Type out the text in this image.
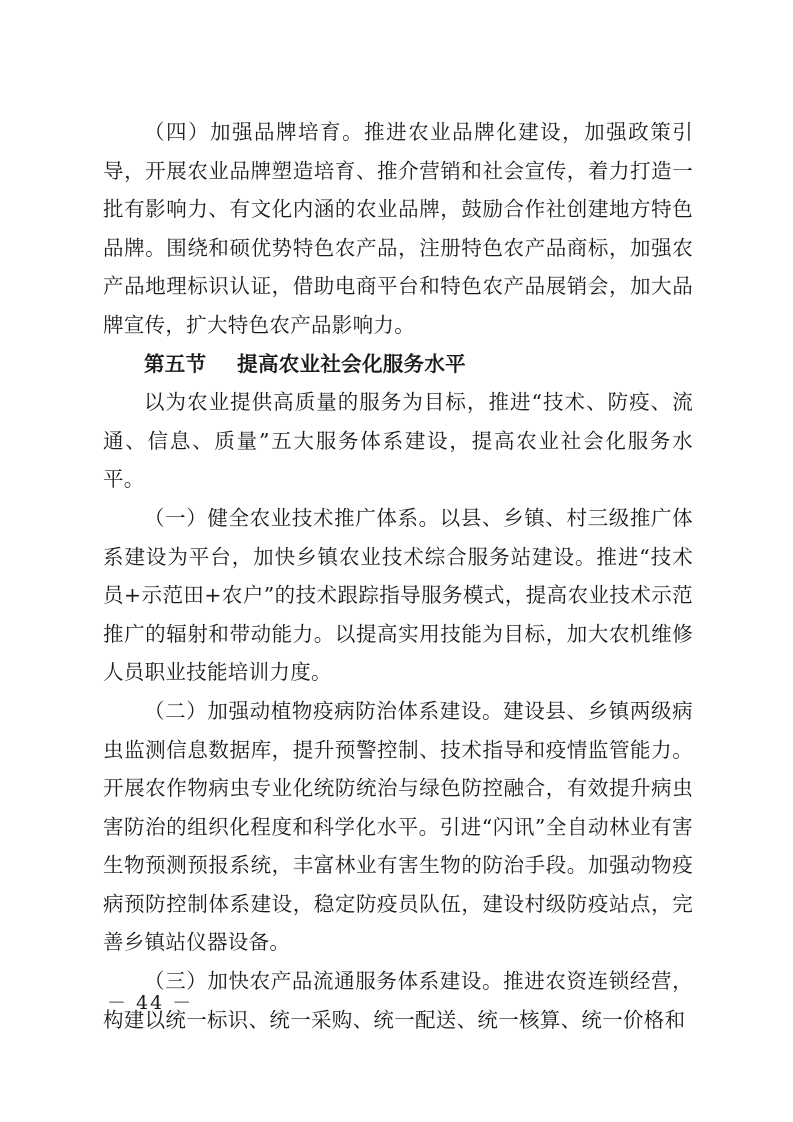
（四）加强品牌培育。推进农业品牌化建设，加强政策引导，开展农业品牌塑造培育、推介营销和社会宣传，着力打造一批有影响力、有文化内涵的农业品牌，鼓励合作社创建地方特色品牌。围绕和硕优势特色农产品，注册特色农产品商标，加强农产品地理标识认证，借助电商平台和特色农产品展销会，加大品牌宣传，扩大特色农产品影响力。

第五节 提高农业社会化服务水平

以为农业提供高质量的服务为目标，推进“技术、防疫、流通、信息、质量”五大服务体系建设，提高农业社会化服务水平。

（一）健全农业技术推广体系。以县、乡镇、村三级推广体系建设为平台，加快乡镇农业技术综合服务站建设。推进“技术员+示范田+农户”的技术跟踪指导服务模式，提高农业技术示范推广的辐射和带动能力。以提高实用技能为目标，加大农机维修人员职业技能培训力度。

（二）加强动植物疫病防治体系建设。建设县、乡镇两级病虫监测信息数据库，提升预警控制、技术指导和疫情监管能力。开展农作物病虫专业化统防统治与绿色防控融合，有效提升病虫害防治的组织化程度和科学化水平。引进“闪讯”全自动林业有害生物预测预报系统，丰富林业有害生物的防治手段。加强动物疫病预防控制体系建设，稳定防疫员队伍，建设村级防疫站点，完善乡镇站仪器设备。

（三）加快农产品流通服务体系建设。推进农资连锁经营，构建以统一标识、统一采购、统一配送、统一核算、统一价格和

－ 44 －
